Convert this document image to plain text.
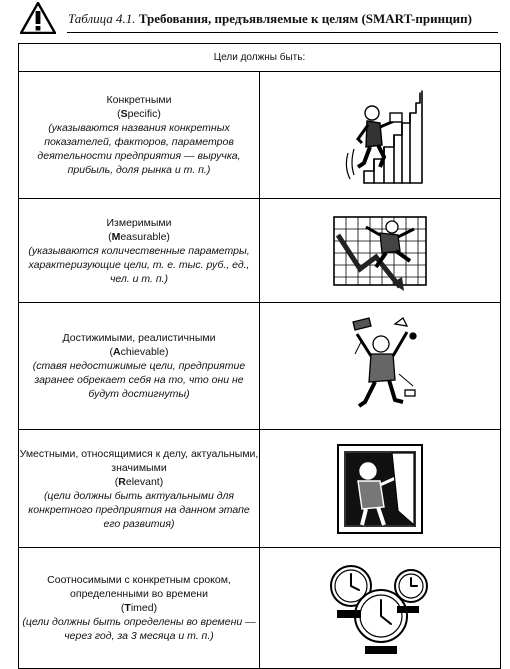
Таблица 4.1. Требования, предъявляемые к целям (SMART-принцип)
Цели должны быть:	

Конкретными
(Specific)
(указываются названия конкретных показателей, факторов, параметров деятельности предприятия — выручка, прибыль, доля рынка и т. п.)

Измеримыми
(Measurable)
(указываются количественные параметры, характеризующие цели, т. е. тыс. руб., ед., чел. и т. п.)

Достижимыми, реалистичными
(Achievable)
(ставя недостижимые цели, предприятие заранее обрекает себя на то, что они не будут достигнуты)

Уместными, относящимися к делу, актуальными, значимыми
(Relevant)
(цели должны быть актуальными для конкретного предприятия на данном этапе его развития)

Соотносимыми с конкретным сроком, определенными во времени
(Timed)
(цели должны быть определены во времени — через год, за 3 месяца и т. п.)
